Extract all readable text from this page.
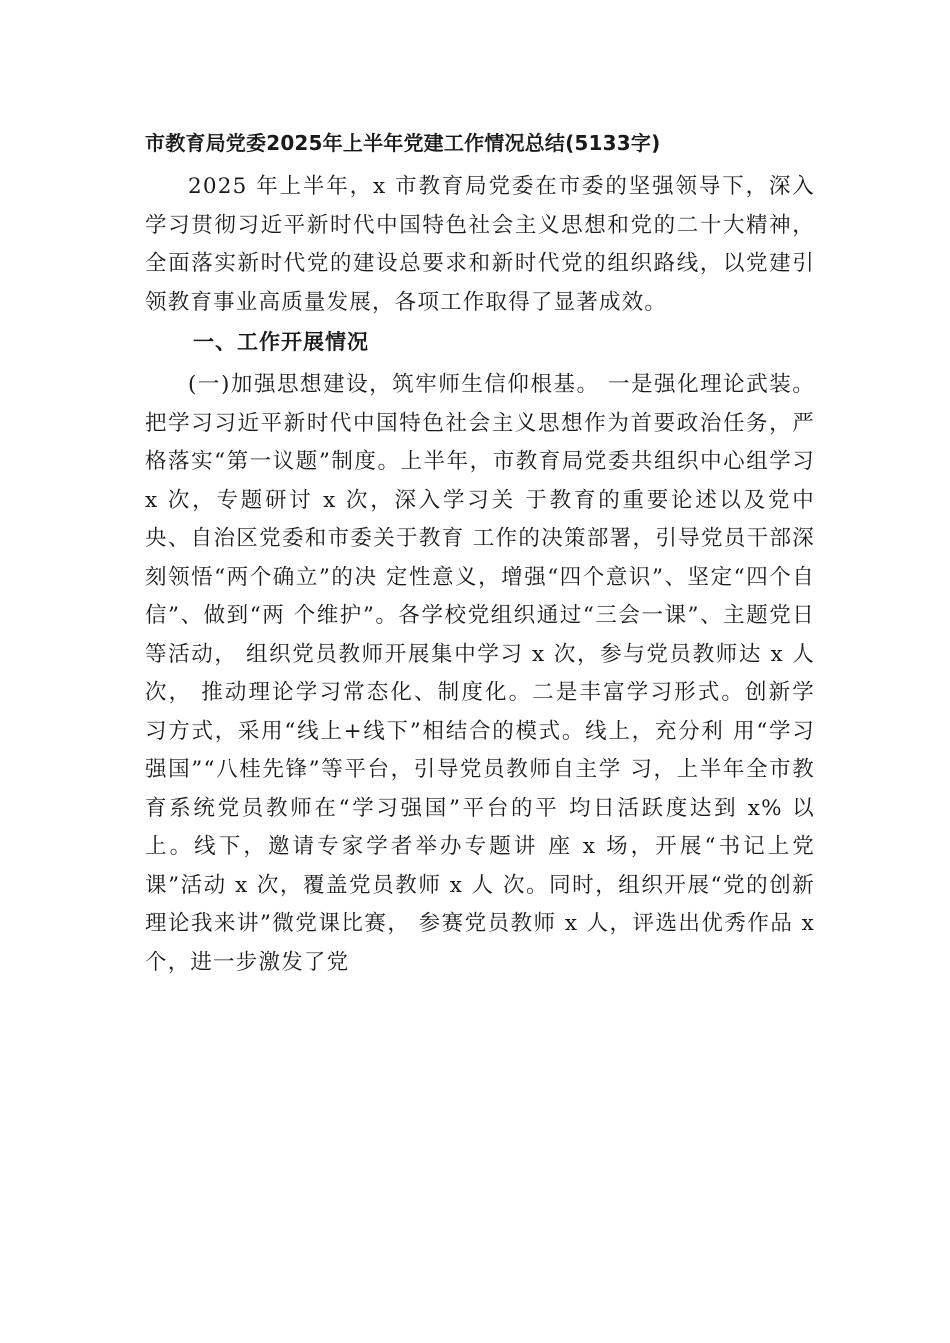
市教育局党委2025年上半年党建工作情况总结(5133字)

2025 年上半年，x 市教育局党委在市委的坚强领导下，深入学习贯彻习近平新时代中国特色社会主义思想和党的二十大精神，全面落实新时代党的建设总要求和新时代党的组织路线，以党建引领教育事业高质量发展，各项工作取得了显著成效。

一、工作开展情况

(一)加强思想建设，筑牢师生信仰根基。 一是强化理论武装。把学习习近平新时代中国特色社会主义思想作为首要政治任务，严格落实“第一议题”制度。上半年，市教育局党委共组织中心组学习 x 次，专题研讨 x 次，深入学习关 于教育的重要论述以及党中央、自治区党委和市委关于教育 工作的决策部署，引导党员干部深刻领悟“两个确立”的决 定性意义，增强“四个意识”、坚定“四个自信”、做到“两 个维护”。各学校党组织通过“三会一课”、主题党日等活动， 组织党员教师开展集中学习 x 次，参与党员教师达 x 人次， 推动理论学习常态化、制度化。二是丰富学习形式。创新学 习方式，采用“线上+线下”相结合的模式。线上，充分利 用“学习强国”“八桂先锋”等平台，引导党员教师自主学 习，上半年全市教育系统党员教师在“学习强国”平台的平 均日活跃度达到 x% 以上。线下，邀请专家学者举办专题讲 座 x 场，开展“书记上党课”活动 x 次，覆盖党员教师 x 人 次。同时，组织开展“党的创新理论我来讲”微党课比赛， 参赛党员教师 x 人，评选出优秀作品 x 个，进一步激发了党
